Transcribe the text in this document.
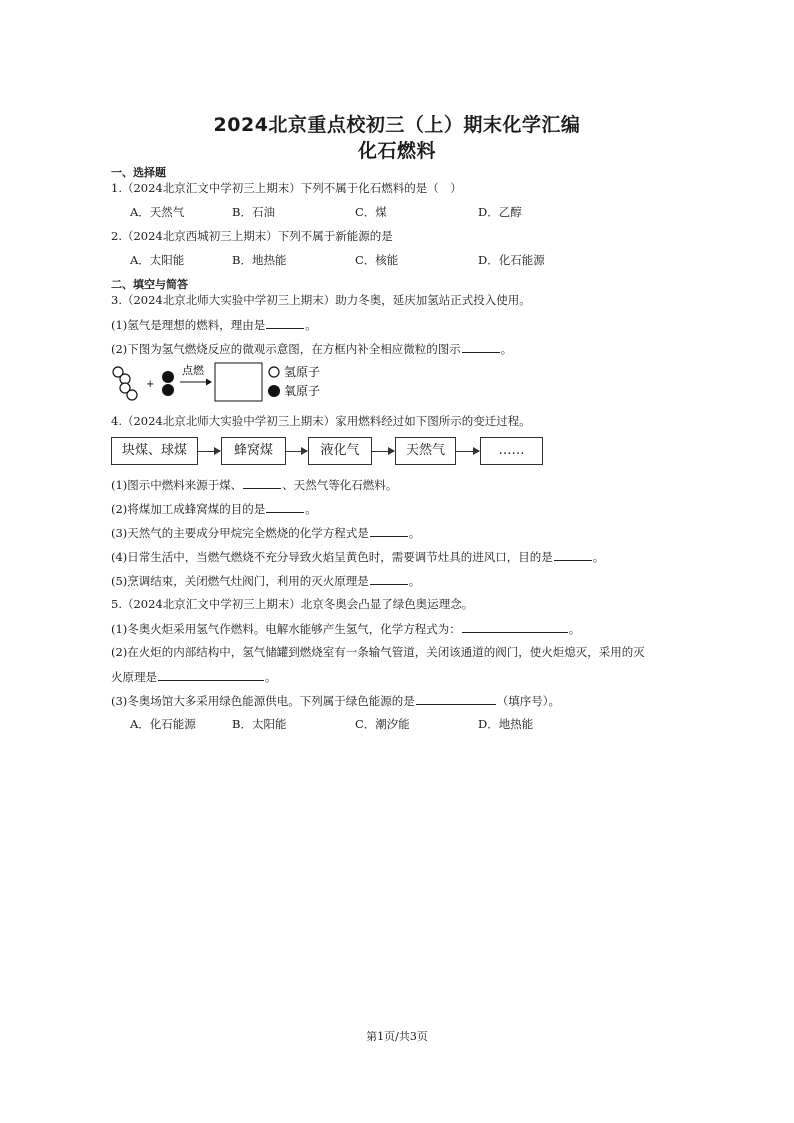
2024北京重点校初三（上）期末化学汇编
化石燃料
一、选择题
1.（2024北京汇文中学初三上期末）下列不属于化石燃料的是（　）
A．天然气	B．石油	C．煤	D．乙醇
2.（2024北京西城初三上期末）下列不属于新能源的是
A．太阳能	B．地热能	C．核能	D．化石能源
二、填空与简答
3.（2024北京北师大实验中学初三上期末）助力冬奥，延庆加氢站正式投入使用。
(1)氢气是理想的燃料，理由是	。
(2)下图为氢气燃烧反应的微观示意图，在方框内补全相应微粒的图示	。
+
点燃	氢原子
氧原子
4.（2024北京北师大实验中学初三上期末）家用燃料经过如下图所示的变迁过程。
块煤、球煤	蜂窝煤	液化气	天然气	……
(1)图示中燃料来源于煤、	、天然气等化石燃料。
(2)将煤加工成蜂窝煤的目的是	。
(3)天然气的主要成分甲烷完全燃烧的化学方程式是	。
(4)日常生活中，当燃气燃烧不充分导致火焰呈黄色时，需要调节灶具的进风口，目的是	。
(5)烹调结束，关闭燃气灶阀门，利用的灭火原理是	。
5.（2024北京汇文中学初三上期末）北京冬奥会凸显了绿色奥运理念。
(1)冬奥火炬采用氢气作燃料。电解水能够产生氢气，化学方程式为：	。
(2)在火炬的内部结构中，氢气储罐到燃烧室有一条输气管道，关闭该通道的阀门，使火炬熄灭，采用的灭
火原理是	。
(3)冬奥场馆大多采用绿色能源供电。下列属于绿色能源的是	（填序号）。
A．化石能源	B．太阳能	C．潮汐能	D．地热能
第1页/共3页
